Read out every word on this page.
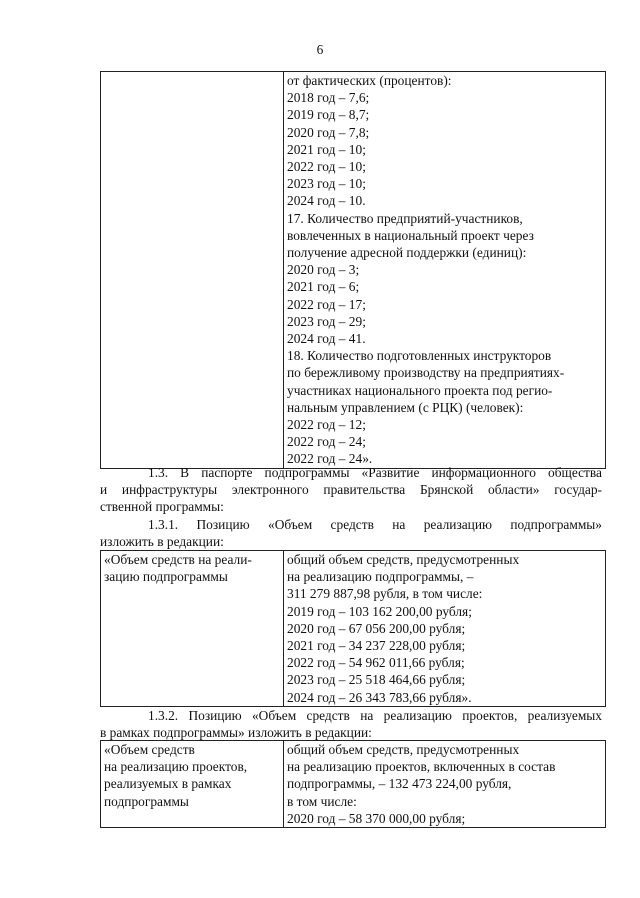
6

от фактических (процентов):
2018 год – 7,6;
2019 год – 8,7;
2020 год – 7,8;
2021 год – 10;
2022 год – 10;
2023 год – 10;
2024 год – 10.
17. Количество предприятий-участников,
вовлеченных в национальный проект через
получение адресной поддержки (единиц):
2020 год – 3;
2021 год – 6;
2022 год – 17;
2023 год – 29;
2024 год – 41.
18. Количество подготовленных инструкторов
по бережливому производству на предприятиях-
участниках национального проекта под регио-
нальным управлением (с РЦК) (человек):
2022 год – 12;
2022 год – 24;
2022 год – 24».
1.3. В паспорте подпрограммы «Развитие информационного общества
и инфраструктуры электронного правительства Брянской области» государ-
ственной программы:
1.3.1. Позицию «Объем средств на реализацию подпрограммы»
изложить в редакции:
«Объем средств на реали-
зацию подпрограммы

общий объем средств, предусмотренных
на реализацию подпрограммы, –
311 279 887,98 рубля, в том числе:
2019 год – 103 162 200,00 рубля;
2020 год – 67 056 200,00 рубля;
2021 год – 34 237 228,00 рубля;
2022 год – 54 962 011,66 рубля;
2023 год – 25 518 464,66 рубля;
2024 год – 26 343 783,66 рубля».
1.3.2. Позицию «Объем средств на реализацию проектов, реализуемых
в рамках подпрограммы» изложить в редакции:
«Объем средств
на реализацию проектов,
реализуемых в рамках
подпрограммы

общий объем средств, предусмотренных
на реализацию проектов, включенных в состав
подпрограммы, – 132 473 224,00 рубля,
в том числе:
2020 год – 58 370 000,00 рубля;
